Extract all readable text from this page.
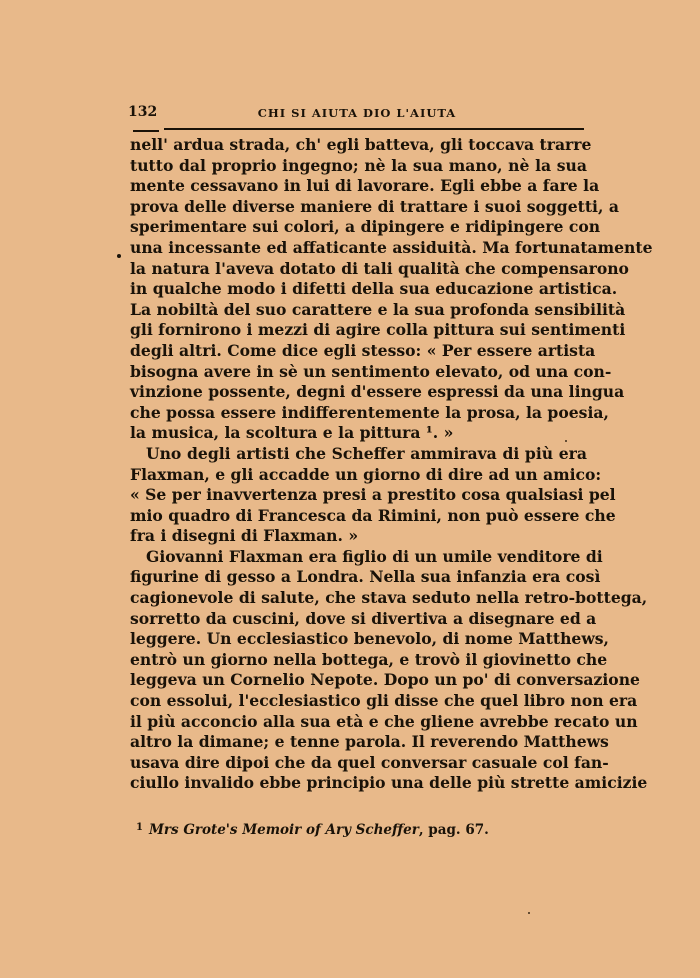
132	CHI SI AIUTA DIO L'AIUTA
nell' ardua strada, ch' egli batteva, gli toccava trarre
tutto dal proprio ingegno; nè la sua mano, nè la sua
mente cessavano in lui di lavorare. Egli ebbe a fare la
prova delle diverse maniere di trattare i suoi soggetti, a
sperimentare sui colori, a dipingere e ridipingere con
una incessante ed affaticante assiduità. Ma fortunatamente
la natura l'aveva dotato di tali qualità che compensarono
in qualche modo i difetti della sua educazione artistica.
La nobiltà del suo carattere e la sua profonda sensibilità
gli fornirono i mezzi di agire colla pittura sui sentimenti
degli altri. Come dice egli stesso: « Per essere artista
bisogna avere in sè un sentimento elevato, od una con-
vinzione possente, degni d'essere espressi da una lingua
che possa essere indifferentemente la prosa, la poesia,
la musica, la scoltura e la pittura ¹. »
Uno degli artisti che Scheffer ammirava di più era
Flaxman, e gli accadde un giorno di dire ad un amico:
« Se per inavvertenza presi a prestito cosa qualsiasi pel
mio quadro di Francesca da Rimini, non può essere che
fra i disegni di Flaxman. »
Giovanni Flaxman era figlio di un umile venditore di
figurine di gesso a Londra. Nella sua infanzia era così
cagionevole di salute, che stava seduto nella retro-bottega,
sorretto da cuscini, dove si divertiva a disegnare ed a
leggere. Un ecclesiastico benevolo, di nome Matthews,
entrò un giorno nella bottega, e trovò il giovinetto che
leggeva un Cornelio Nepote. Dopo un po' di conversazione
con essolui, l'ecclesiastico gli disse che quel libro non era
il più acconcio alla sua età e che gliene avrebbe recato un
altro la dimane; e tenne parola. Il reverendo Matthews
usava dire dipoi che da quel conversar casuale col fan-
ciullo invalido ebbe principio una delle più strette amicizie
$^1$ Mrs Grote's Memoir of Ary Scheffer, pag. 67.
